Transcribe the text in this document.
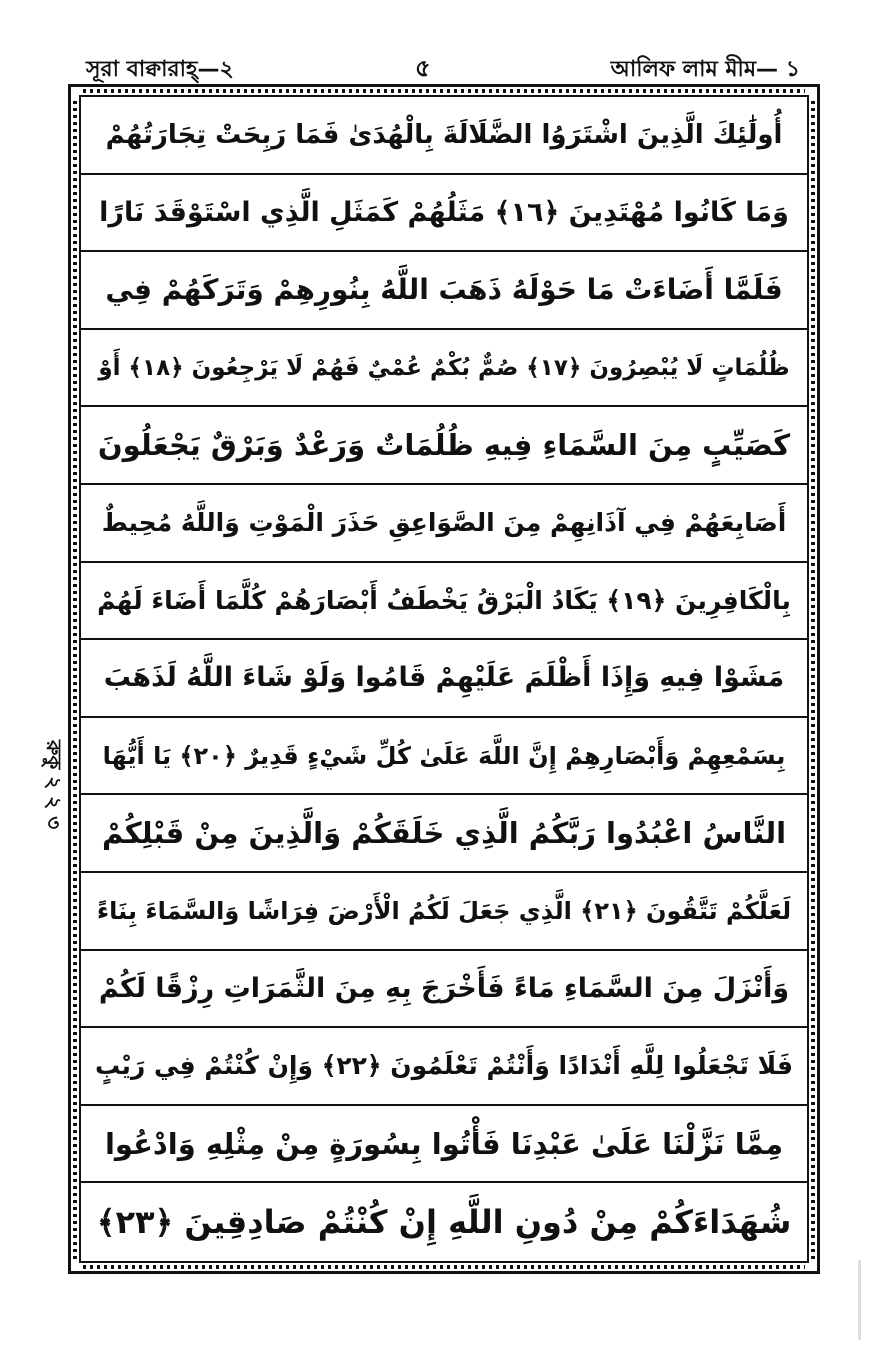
সূরা বাক্বারাহ্—২	৫	আলিফ লাম মীম— ১
রুকু ২ ২ ৩
أُولَٰئِكَ الَّذِينَ اشْتَرَوُا الضَّلَالَةَ بِالْهُدَىٰ فَمَا رَبِحَتْ تِجَارَتُهُمْ
وَمَا كَانُوا مُهْتَدِينَ ﴿١٦﴾ مَثَلُهُمْ كَمَثَلِ الَّذِي اسْتَوْقَدَ نَارًا
فَلَمَّا أَضَاءَتْ مَا حَوْلَهُ ذَهَبَ اللَّهُ بِنُورِهِمْ وَتَرَكَهُمْ فِي
ظُلُمَاتٍ لَا يُبْصِرُونَ ﴿١٧﴾ صُمٌّ بُكْمٌ عُمْيٌ فَهُمْ لَا يَرْجِعُونَ ﴿١٨﴾ أَوْ
كَصَيِّبٍ مِنَ السَّمَاءِ فِيهِ ظُلُمَاتٌ وَرَعْدٌ وَبَرْقٌ يَجْعَلُونَ
أَصَابِعَهُمْ فِي آذَانِهِمْ مِنَ الصَّوَاعِقِ حَذَرَ الْمَوْتِ وَاللَّهُ مُحِيطٌ
بِالْكَافِرِينَ ﴿١٩﴾ يَكَادُ الْبَرْقُ يَخْطَفُ أَبْصَارَهُمْ كُلَّمَا أَضَاءَ لَهُمْ
مَشَوْا فِيهِ وَإِذَا أَظْلَمَ عَلَيْهِمْ قَامُوا وَلَوْ شَاءَ اللَّهُ لَذَهَبَ
بِسَمْعِهِمْ وَأَبْصَارِهِمْ إِنَّ اللَّهَ عَلَىٰ كُلِّ شَيْءٍ قَدِيرٌ ﴿٢٠﴾ يَا أَيُّهَا
النَّاسُ اعْبُدُوا رَبَّكُمُ الَّذِي خَلَقَكُمْ وَالَّذِينَ مِنْ قَبْلِكُمْ
لَعَلَّكُمْ تَتَّقُونَ ﴿٢١﴾ الَّذِي جَعَلَ لَكُمُ الْأَرْضَ فِرَاشًا وَالسَّمَاءَ بِنَاءً
وَأَنْزَلَ مِنَ السَّمَاءِ مَاءً فَأَخْرَجَ بِهِ مِنَ الثَّمَرَاتِ رِزْقًا لَكُمْ
فَلَا تَجْعَلُوا لِلَّهِ أَنْدَادًا وَأَنْتُمْ تَعْلَمُونَ ﴿٢٢﴾ وَإِنْ كُنْتُمْ فِي رَيْبٍ
مِمَّا نَزَّلْنَا عَلَىٰ عَبْدِنَا فَأْتُوا بِسُورَةٍ مِنْ مِثْلِهِ وَادْعُوا
شُهَدَاءَكُمْ مِنْ دُونِ اللَّهِ إِنْ كُنْتُمْ صَادِقِينَ ﴿٢٣﴾
